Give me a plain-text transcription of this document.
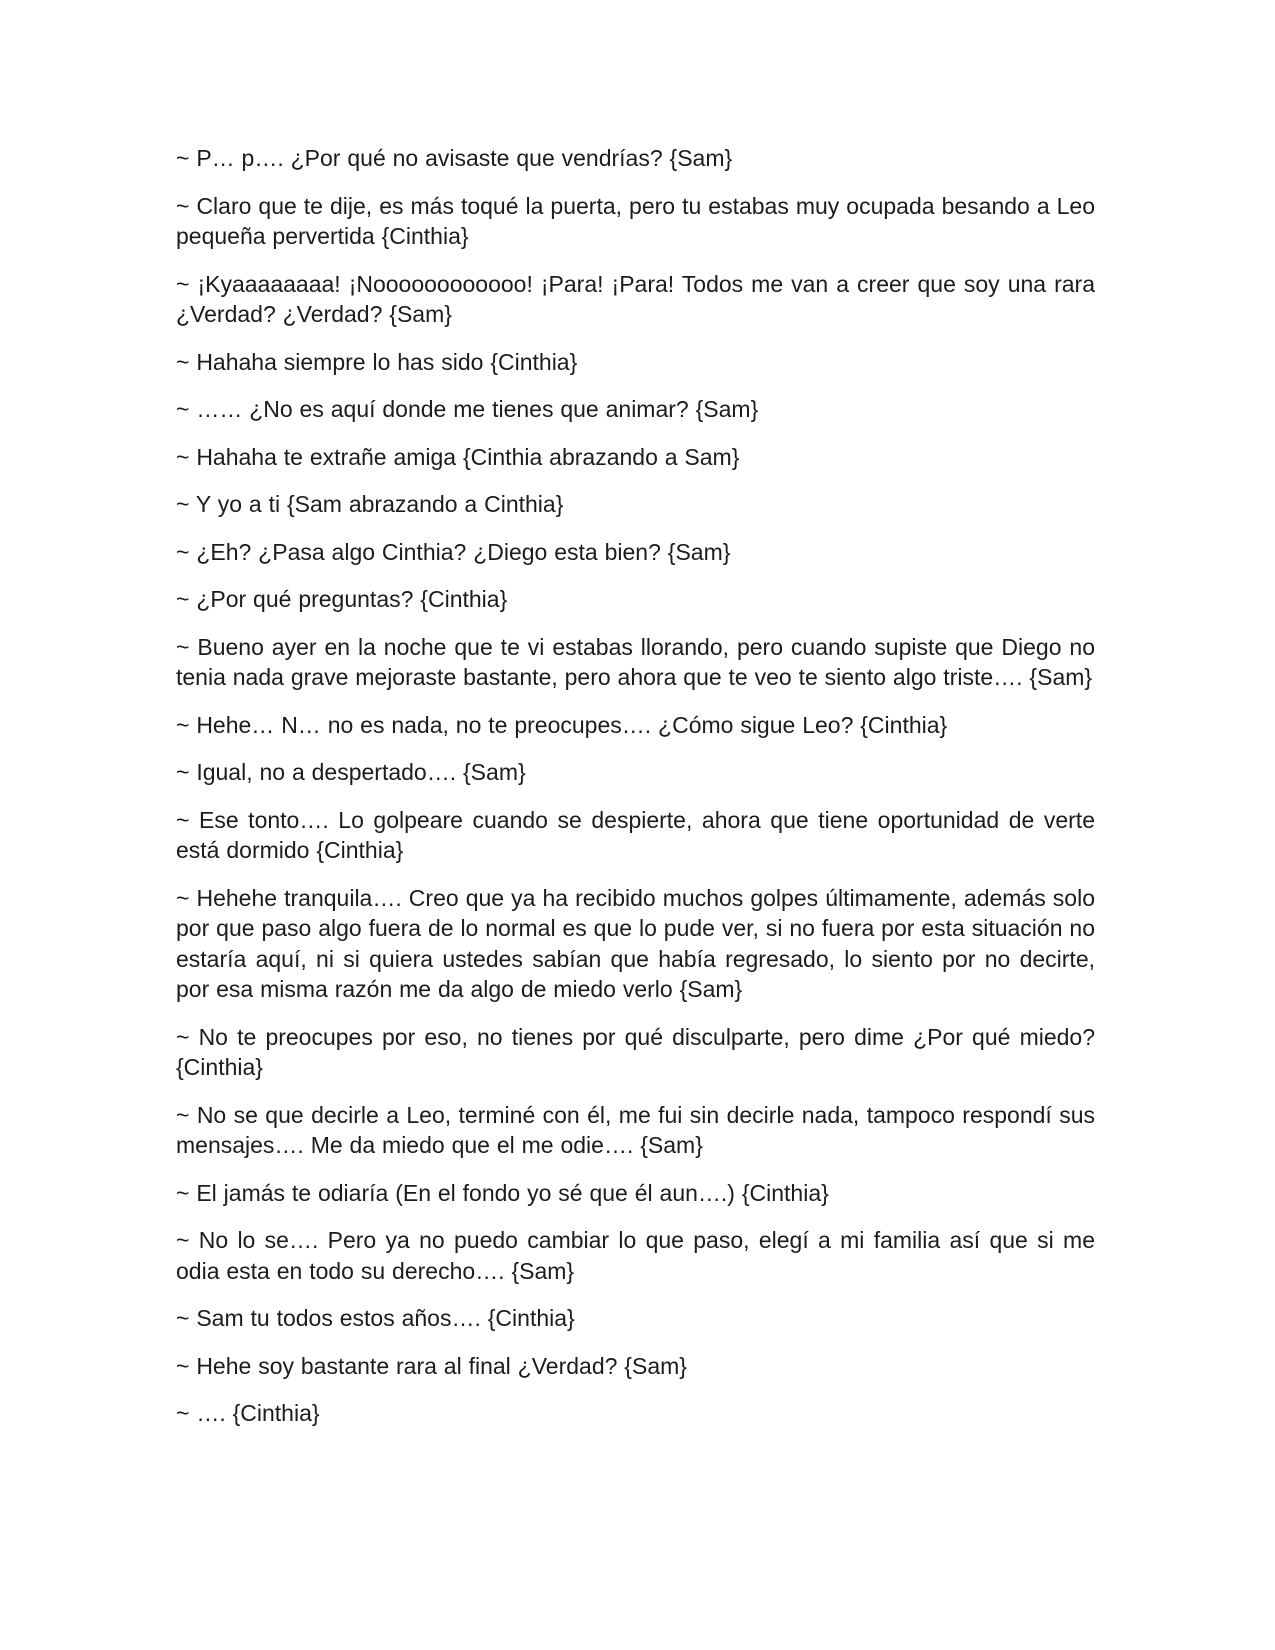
~ P… p…. ¿Por qué no avisaste que vendrías? {Sam}

~ Claro que te dije, es más toqué la puerta, pero tu estabas muy ocupada besando a Leo pequeña pervertida {Cinthia}

~ ¡Kyaaaaaaaa! ¡Noooooooooooo! ¡Para! ¡Para! Todos me van a creer que soy una rara ¿Verdad? ¿Verdad? {Sam}

~ Hahaha siempre lo has sido {Cinthia}

~ …… ¿No es aquí donde me tienes que animar? {Sam}

~ Hahaha te extrañe amiga {Cinthia abrazando a Sam}

~ Y yo a ti {Sam abrazando a Cinthia}

~ ¿Eh? ¿Pasa algo Cinthia? ¿Diego esta bien? {Sam}

~ ¿Por qué preguntas? {Cinthia}

~ Bueno ayer en la noche que te vi estabas llorando, pero cuando supiste que Diego no tenia nada grave mejoraste bastante, pero ahora que te veo te siento algo triste…. {Sam}

~ Hehe… N… no es nada, no te preocupes…. ¿Cómo sigue Leo? {Cinthia}

~ Igual, no a despertado…. {Sam}

~ Ese tonto…. Lo golpeare cuando se despierte, ahora que tiene oportunidad de verte está dormido {Cinthia}

~ Hehehe tranquila…. Creo que ya ha recibido muchos golpes últimamente, además solo por que paso algo fuera de lo normal es que lo pude ver, si no fuera por esta situación no estaría aquí, ni si quiera ustedes sabían que había regresado, lo siento por no decirte, por esa misma razón me da algo de miedo verlo {Sam}

~ No te preocupes por eso, no tienes por qué disculparte, pero dime ¿Por qué miedo? {Cinthia}

~ No se que decirle a Leo, terminé con él, me fui sin decirle nada, tampoco respondí sus mensajes…. Me da miedo que el me odie…. {Sam}

~ El jamás te odiaría (En el fondo yo sé que él aun….) {Cinthia}

~ No lo se…. Pero ya no puedo cambiar lo que paso, elegí a mi familia así que si me odia esta en todo su derecho…. {Sam}

~ Sam tu todos estos años…. {Cinthia}

~ Hehe soy bastante rara al final ¿Verdad? {Sam}

~ …. {Cinthia}
